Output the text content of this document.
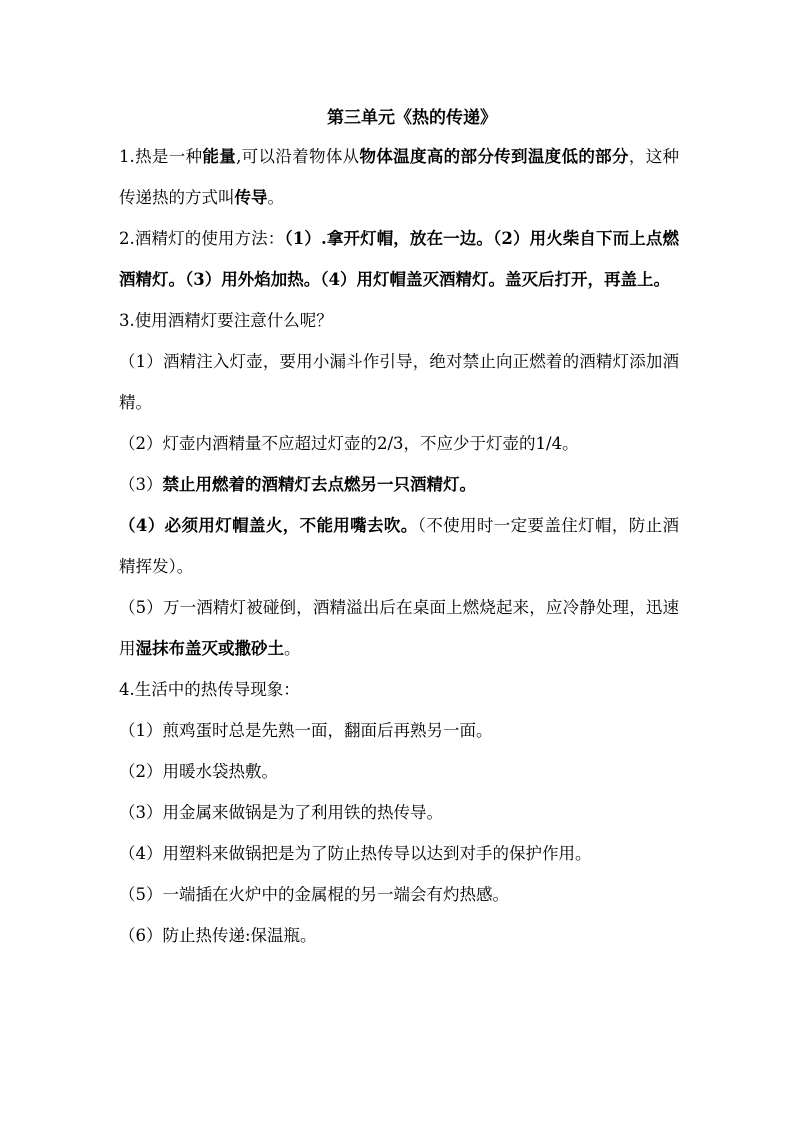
第三单元《热的传递》

1.热是一种能量,可以沿着物体从物体温度高的部分传到温度低的部分，这种传递热的方式叫传导。

2.酒精灯的使用方法：（1）.拿开灯帽，放在一边。（2）用火柴自下而上点燃酒精灯。（3）用外焰加热。（4）用灯帽盖灭酒精灯。盖灭后打开，再盖上。

3.使用酒精灯要注意什么呢？

（1）酒精注入灯壶，要用小漏斗作引导，绝对禁止向正燃着的酒精灯添加酒精。

（2）灯壶内酒精量不应超过灯壶的2/3，不应少于灯壶的1/4。

（3）禁止用燃着的酒精灯去点燃另一只酒精灯。

（4）必须用灯帽盖火，不能用嘴去吹。（不使用时一定要盖住灯帽，防止酒精挥发）。

（5）万一酒精灯被碰倒，酒精溢出后在桌面上燃烧起来，应冷静处理，迅速用湿抹布盖灭或撒砂土。

4.生活中的热传导现象：

（1）煎鸡蛋时总是先熟一面，翻面后再熟另一面。

（2）用暖水袋热敷。

（3）用金属来做锅是为了利用铁的热传导。

（4）用塑料来做锅把是为了防止热传导以达到对手的保护作用。

（5）一端插在火炉中的金属棍的另一端会有灼热感。

（6）防止热传递:保温瓶。
